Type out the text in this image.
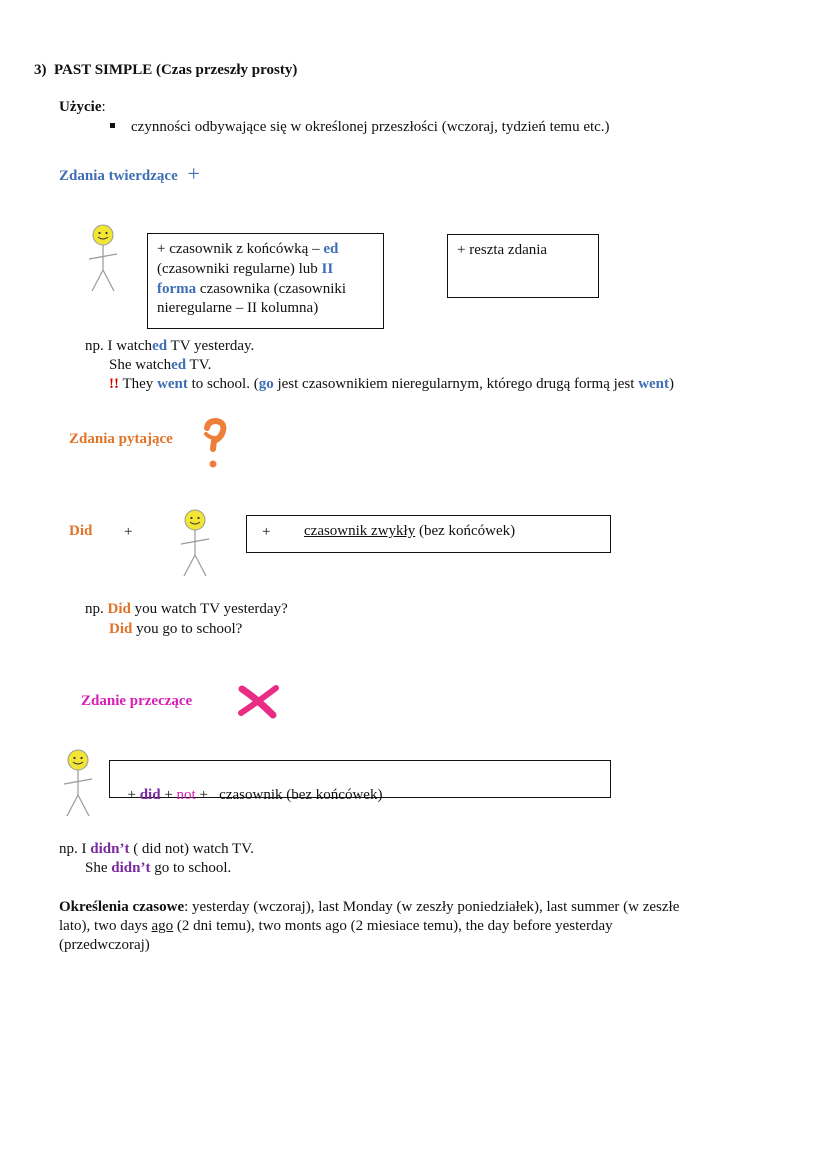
3) PAST SIMPLE (Czas przeszły prosty)
Użycie:
czynności odbywające się w określonej przeszłości (wczoraj, tydzień temu etc.)
Zdania twierdzące +
+ czasownik z końcówką – ed
(czasowniki regularne) lub II
forma czasownika (czasowniki
nieregularne – II kolumna)
+ reszta zdania
np. I watched TV yesterday.
She watched TV.
!! They went to school. (go jest czasownikiem nieregularnym, którego drugą formą jest went)
Zdania pytające
Did +	+ czasownik zwykły (bez końcówek)
np. Did you watch TV yesterday?
Did you go to school?
Zdanie przeczące

+ did + not +   czasownik (bez końcówek)

np. I didn’t ( did not) watch TV.
She didn’t go to school.
Określenia czasowe: yesterday (wczoraj), last Monday (w zeszły poniedziałek), last summer (w zeszłe
lato), two days ago (2 dni temu), two monts ago (2 miesiace temu), the day before yesterday
(przedwczoraj)
